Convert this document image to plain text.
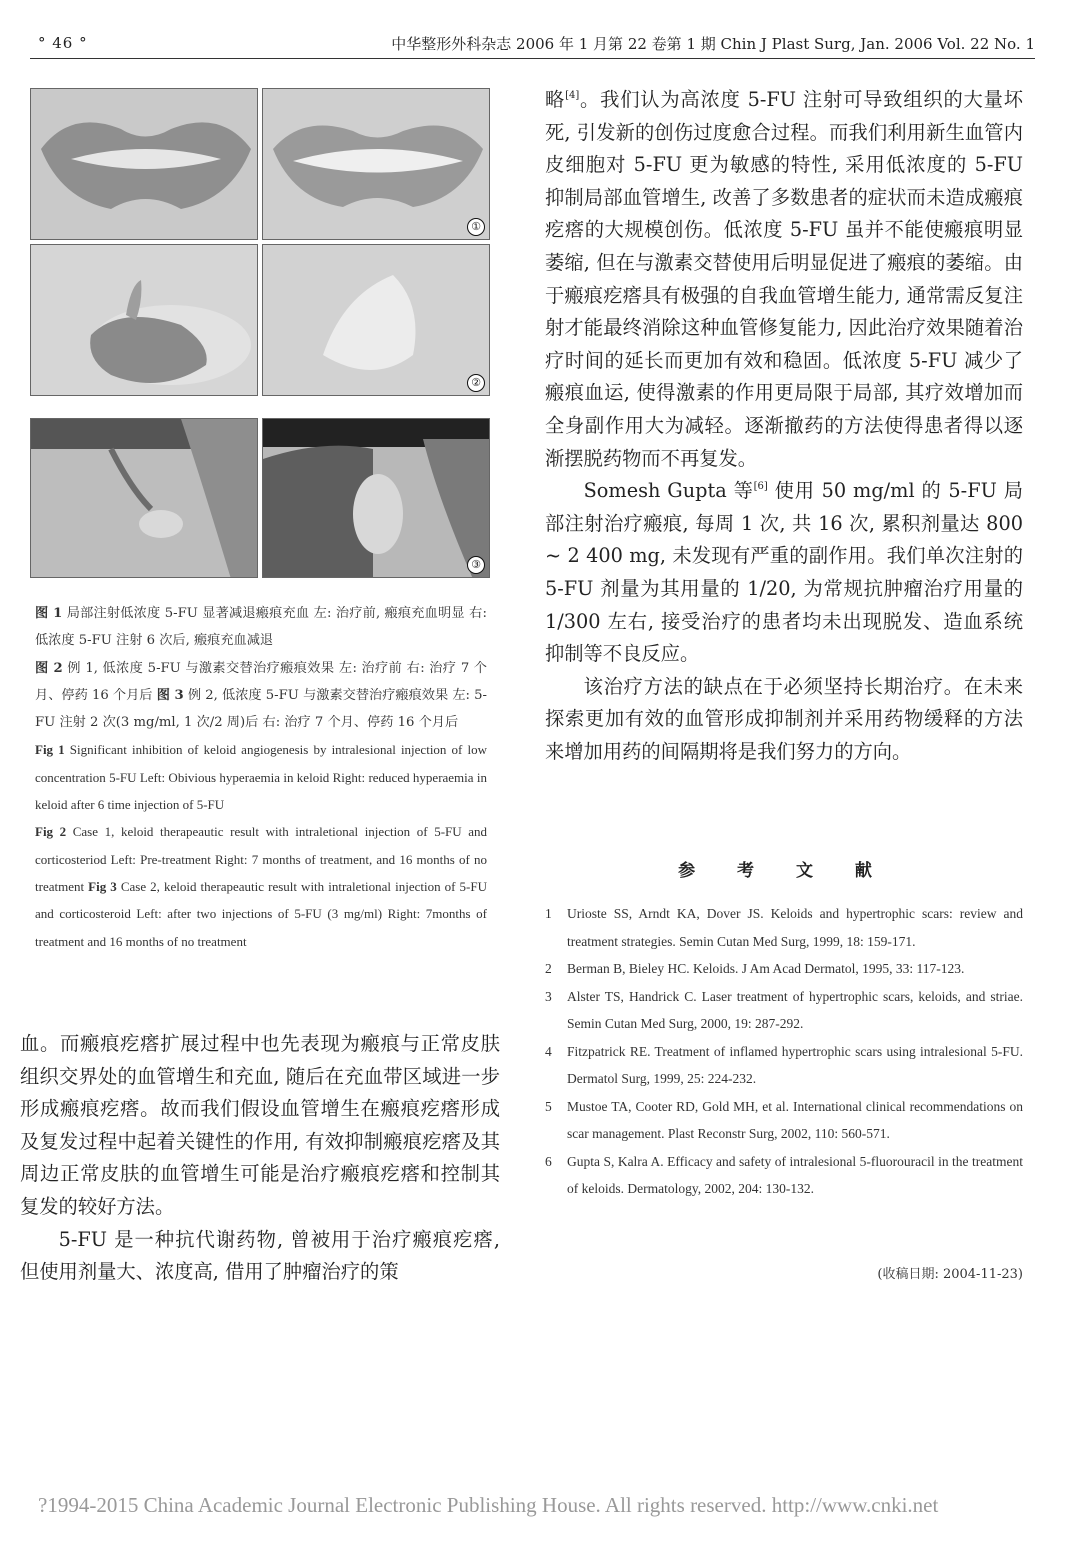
° 46 °	中华整形外科杂志 2006 年 1 月第 22 卷第 1 期 Chin J Plast Surg, Jan. 2006 Vol. 22 No. 1
①
②
③

图 1 局部注射低浓度 5-FU 显著减退瘢痕充血 左: 治疗前, 瘢痕充血明显 右: 低浓度 5-FU 注射 6 次后, 瘢痕充血减退

图 2 例 1, 低浓度 5-FU 与激素交替治疗瘢痕效果 左: 治疗前 右: 治疗 7 个月、停药 16 个月后 图 3 例 2, 低浓度 5-FU 与激素交替治疗瘢痕效果 左: 5-FU 注射 2 次(3 mg/ml, 1 次/2 周)后 右: 治疗 7 个月、停药 16 个月后

Fig 1 Significant inhibition of keloid angiogenesis by intralesional injection of low concentration 5-FU Left: Obivious hyperaemia in keloid Right: reduced hyperaemia in keloid after 6 time injection of 5-FU

Fig 2 Case 1, keloid therapeautic result with intraletional injection of 5-FU and corticosteriod Left: Pre-treatment Right: 7 months of treatment, and 16 months of no treatment Fig 3 Case 2, keloid therapeautic result with intraletional injection of 5-FU and corticosteroid Left: after two injections of 5-FU (3 mg/ml) Right: 7months of treatment and 16 months of no treatment

血。而瘢痕疙瘩扩展过程中也先表现为瘢痕与正常皮肤组织交界处的血管增生和充血, 随后在充血带区域进一步形成瘢痕疙瘩。故而我们假设血管增生在瘢痕疙瘩形成及复发过程中起着关键性的作用, 有效抑制瘢痕疙瘩及其周边正常皮肤的血管增生可能是治疗瘢痕疙瘩和控制其复发的较好方法。

5-FU 是一种抗代谢药物, 曾被用于治疗瘢痕疙瘩, 但使用剂量大、浓度高, 借用了肿瘤治疗的策

略[4]。我们认为高浓度 5-FU 注射可导致组织的大量坏死, 引发新的创伤过度愈合过程。而我们利用新生血管内皮细胞对 5-FU 更为敏感的特性, 采用低浓度的 5-FU 抑制局部血管增生, 改善了多数患者的症状而未造成瘢痕疙瘩的大规模创伤。低浓度 5-FU 虽并不能使瘢痕明显萎缩, 但在与激素交替使用后明显促进了瘢痕的萎缩。由于瘢痕疙瘩具有极强的自我血管增生能力, 通常需反复注射才能最终消除这种血管修复能力, 因此治疗效果随着治疗时间的延长而更加有效和稳固。低浓度 5-FU 减少了瘢痕血运, 使得激素的作用更局限于局部, 其疗效增加而全身副作用大为减轻。逐渐撤药的方法使得患者得以逐渐摆脱药物而不再复发。

Somesh Gupta 等[6] 使用 50 mg/ml 的 5-FU 局部注射治疗瘢痕, 每周 1 次, 共 16 次, 累积剂量达 800 ~ 2 400 mg, 未发现有严重的副作用。我们单次注射的 5-FU 剂量为其用量的 1/20, 为常规抗肿瘤治疗用量的 1/300 左右, 接受治疗的患者均未出现脱发、造血系统抑制等不良反应。

该治疗方法的缺点在于必须坚持长期治疗。在未来探索更加有效的血管形成抑制剂并采用药物缓释的方法来增加用药的间隔期将是我们努力的方向。

参 考 文 献
1 Urioste SS, Arndt KA, Dover JS. Keloids and hypertrophic scars: review and treatment strategies. Semin Cutan Med Surg, 1999, 18: 159-171.
2 Berman B, Bieley HC. Keloids. J Am Acad Dermatol, 1995, 33: 117-123.
3 Alster TS, Handrick C. Laser treatment of hypertrophic scars, keloids, and striae. Semin Cutan Med Surg, 2000, 19: 287-292.
4 Fitzpatrick RE. Treatment of inflamed hypertrophic scars using intralesional 5-FU. Dermatol Surg, 1999, 25: 224-232.
5 Mustoe TA, Cooter RD, Gold MH, et al. International clinical recommendations on scar management. Plast Reconstr Surg, 2002, 110: 560-571.
6 Gupta S, Kalra A. Efficacy and safety of intralesional 5-fluorouracil in the treatment of keloids. Dermatology, 2002, 204: 130-132.
(收稿日期: 2004-11-23)
?1994-2015 China Academic Journal Electronic Publishing House. All rights reserved. http://www.cnki.net
